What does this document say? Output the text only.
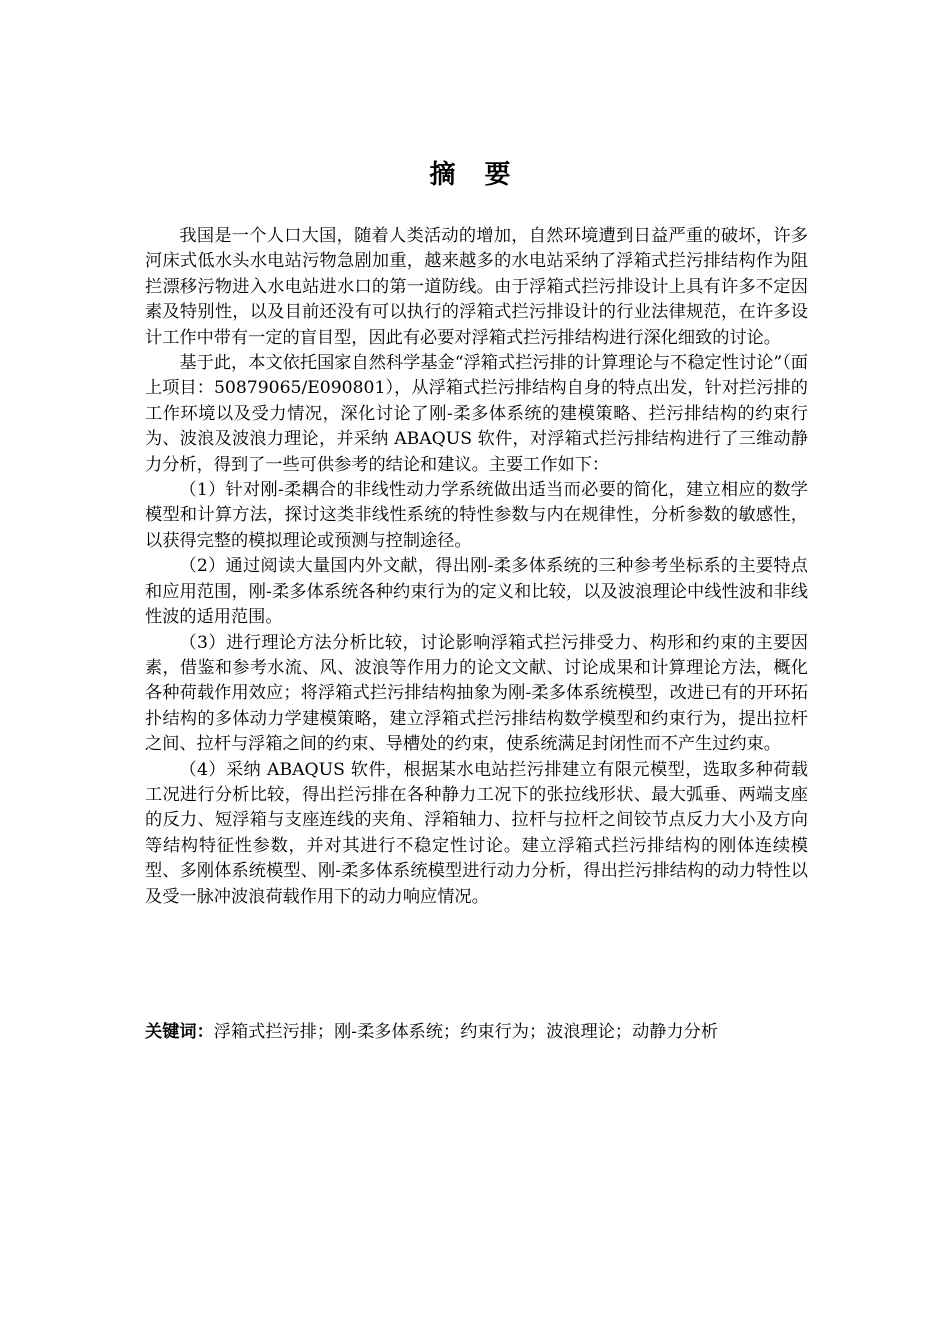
摘 要

我国是一个人口大国，随着人类活动的增加，自然环境遭到日益严重的破坏，许多河床式低水头水电站污物急剧加重，越来越多的水电站采纳了浮箱式拦污排结构作为阻拦漂移污物进入水电站进水口的第一道防线。由于浮箱式拦污排设计上具有许多不定因素及特别性，以及目前还没有可以执行的浮箱式拦污排设计的行业法律规范，在许多设计工作中带有一定的盲目型，因此有必要对浮箱式拦污排结构进行深化细致的讨论。

基于此，本文依托国家自然科学基金“浮箱式拦污排的计算理论与不稳定性讨论”（面上项目：50879065/E090801），从浮箱式拦污排结构自身的特点出发，针对拦污排的工作环境以及受力情况，深化讨论了刚-柔多体系统的建模策略、拦污排结构的约束行为、波浪及波浪力理论，并采纳 ABAQUS 软件，对浮箱式拦污排结构进行了三维动静力分析，得到了一些可供参考的结论和建议。主要工作如下：

（1）针对刚-柔耦合的非线性动力学系统做出适当而必要的简化，建立相应的数学模型和计算方法，探讨这类非线性系统的特性参数与内在规律性，分析参数的敏感性，以获得完整的模拟理论或预测与控制途径。

（2）通过阅读大量国内外文献，得出刚-柔多体系统的三种参考坐标系的主要特点和应用范围，刚-柔多体系统各种约束行为的定义和比较，以及波浪理论中线性波和非线性波的适用范围。

（3）进行理论方法分析比较，讨论影响浮箱式拦污排受力、构形和约束的主要因素，借鉴和参考水流、风、波浪等作用力的论文文献、讨论成果和计算理论方法，概化各种荷载作用效应；将浮箱式拦污排结构抽象为刚-柔多体系统模型，改进已有的开环拓扑结构的多体动力学建模策略，建立浮箱式拦污排结构数学模型和约束行为，提出拉杆之间、拉杆与浮箱之间的约束、导槽处的约束，使系统满足封闭性而不产生过约束。

（4）采纳 ABAQUS 软件，根据某水电站拦污排建立有限元模型，选取多种荷载工况进行分析比较，得出拦污排在各种静力工况下的张拉线形状、最大弧垂、两端支座的反力、短浮箱与支座连线的夹角、浮箱轴力、拉杆与拉杆之间铰节点反力大小及方向等结构特征性参数，并对其进行不稳定性讨论。建立浮箱式拦污排结构的刚体连续模型、多刚体系统模型、刚-柔多体系统模型进行动力分析，得出拦污排结构的动力特性以及受一脉冲波浪荷载作用下的动力响应情况。

关键词：浮箱式拦污排；刚-柔多体系统；约束行为；波浪理论；动静力分析
